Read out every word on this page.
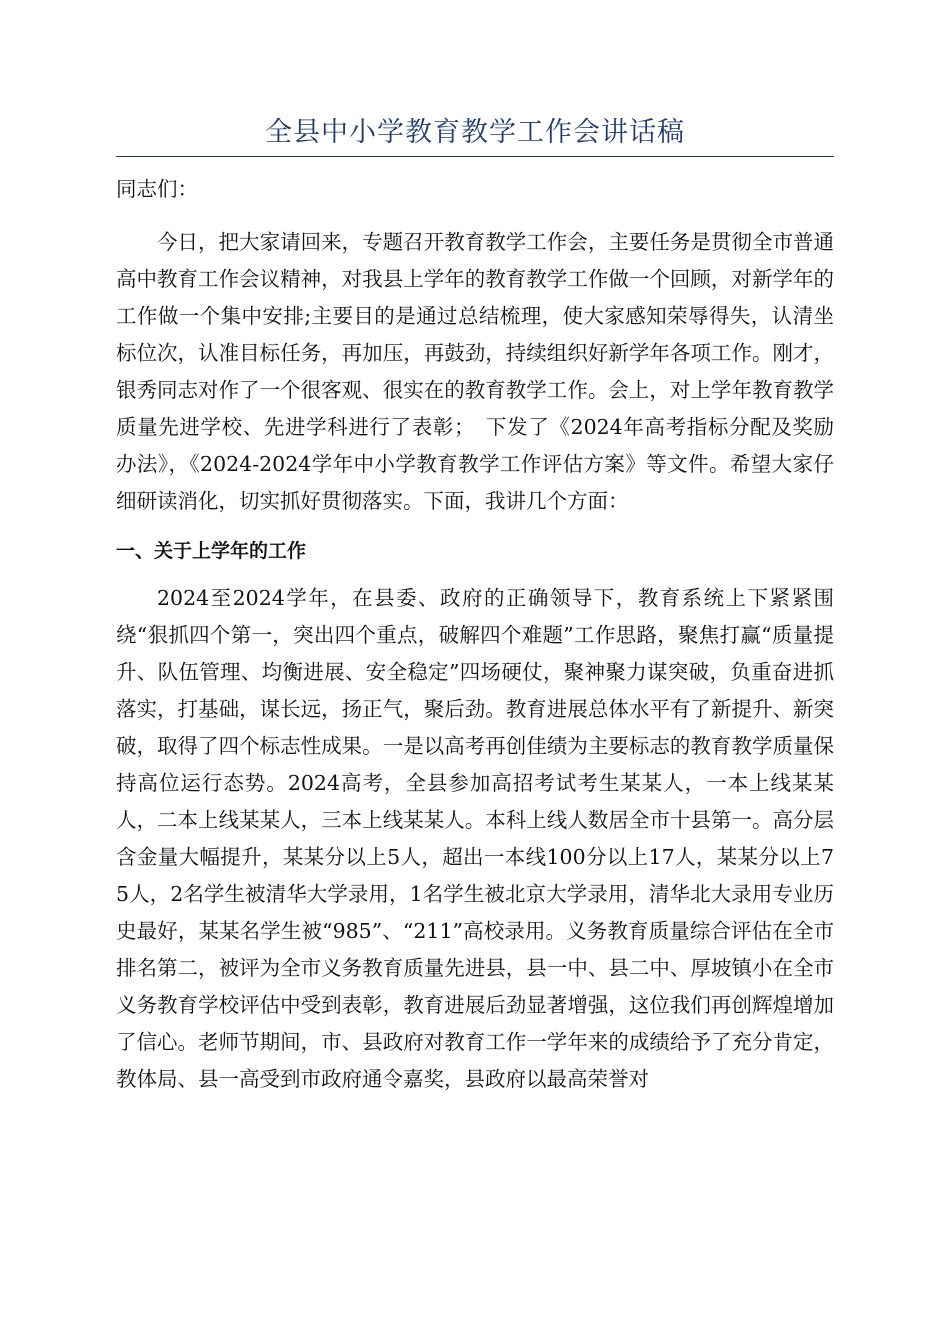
全县中小学教育教学工作会讲话稿

同志们：

今日，把大家请回来，专题召开教育教学工作会，主要任务是贯彻全市普通高中教育工作会议精神，对我县上学年的教育教学工作做一个回顾，对新学年的工作做一个集中安排;主要目的是通过总结梳理，使大家感知荣辱得失，认清坐标位次，认准目标任务，再加压，再鼓劲，持续组织好新学年各项工作。刚才，银秀同志对作了一个很客观、很实在的教育教学工作。会上，对上学年教育教学质量先进学校、先进学科进行了表彰；　下发了《2024年高考指标分配及奖励办法》，《2024-2024学年中小学教育教学工作评估方案》等文件。希望大家仔细研读消化，切实抓好贯彻落实。下面，我讲几个方面：

一、关于上学年的工作

2024至2024学年，在县委、政府的正确领导下，教育系统上下紧紧围绕“狠抓四个第一，突出四个重点，破解四个难题”工作思路，聚焦打赢“质量提升、队伍管理、均衡进展、安全稳定”四场硬仗，聚神聚力谋突破，负重奋进抓落实，打基础，谋长远，扬正气，聚后劲。教育进展总体水平有了新提升、新突破，取得了四个标志性成果。一是以高考再创佳绩为主要标志的教育教学质量保持高位运行态势。2024高考，全县参加高招考试考生某某人，一本上线某某人，二本上线某某人，三本上线某某人。本科上线人数居全市十县第一。高分层含金量大幅提升，某某分以上5人，超出一本线100分以上17人，某某分以上75人，2名学生被清华大学录用，1名学生被北京大学录用，清华北大录用专业历史最好，某某名学生被“985”、“211”高校录用。义务教育质量综合评估在全市排名第二，被评为全市义务教育质量先进县，县一中、县二中、厚坡镇小在全市义务教育学校评估中受到表彰，教育进展后劲显著增强，这位我们再创辉煌增加了信心。老师节期间，市、县政府对教育工作一学年来的成绩给予了充分肯定，教体局、县一高受到市政府通令嘉奖，县政府以最高荣誉对
